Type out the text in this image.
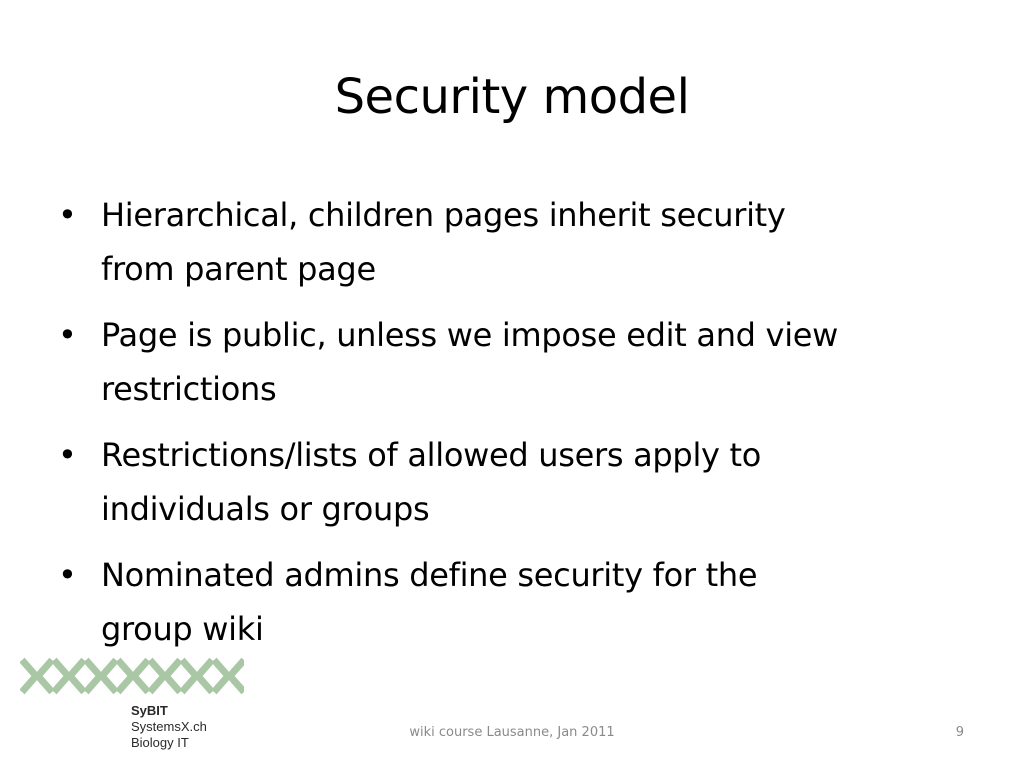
Security model
• Hierarchical, children pages inherit security
from parent page
• Page is public, unless we impose edit and view
restrictions
• Restrictions/lists of allowed users apply to
individuals or groups
• Nominated admins define security for the
group wiki
SyBIT
SystemsX.ch
Biology IT
wiki course Lausanne, Jan 2011	9
